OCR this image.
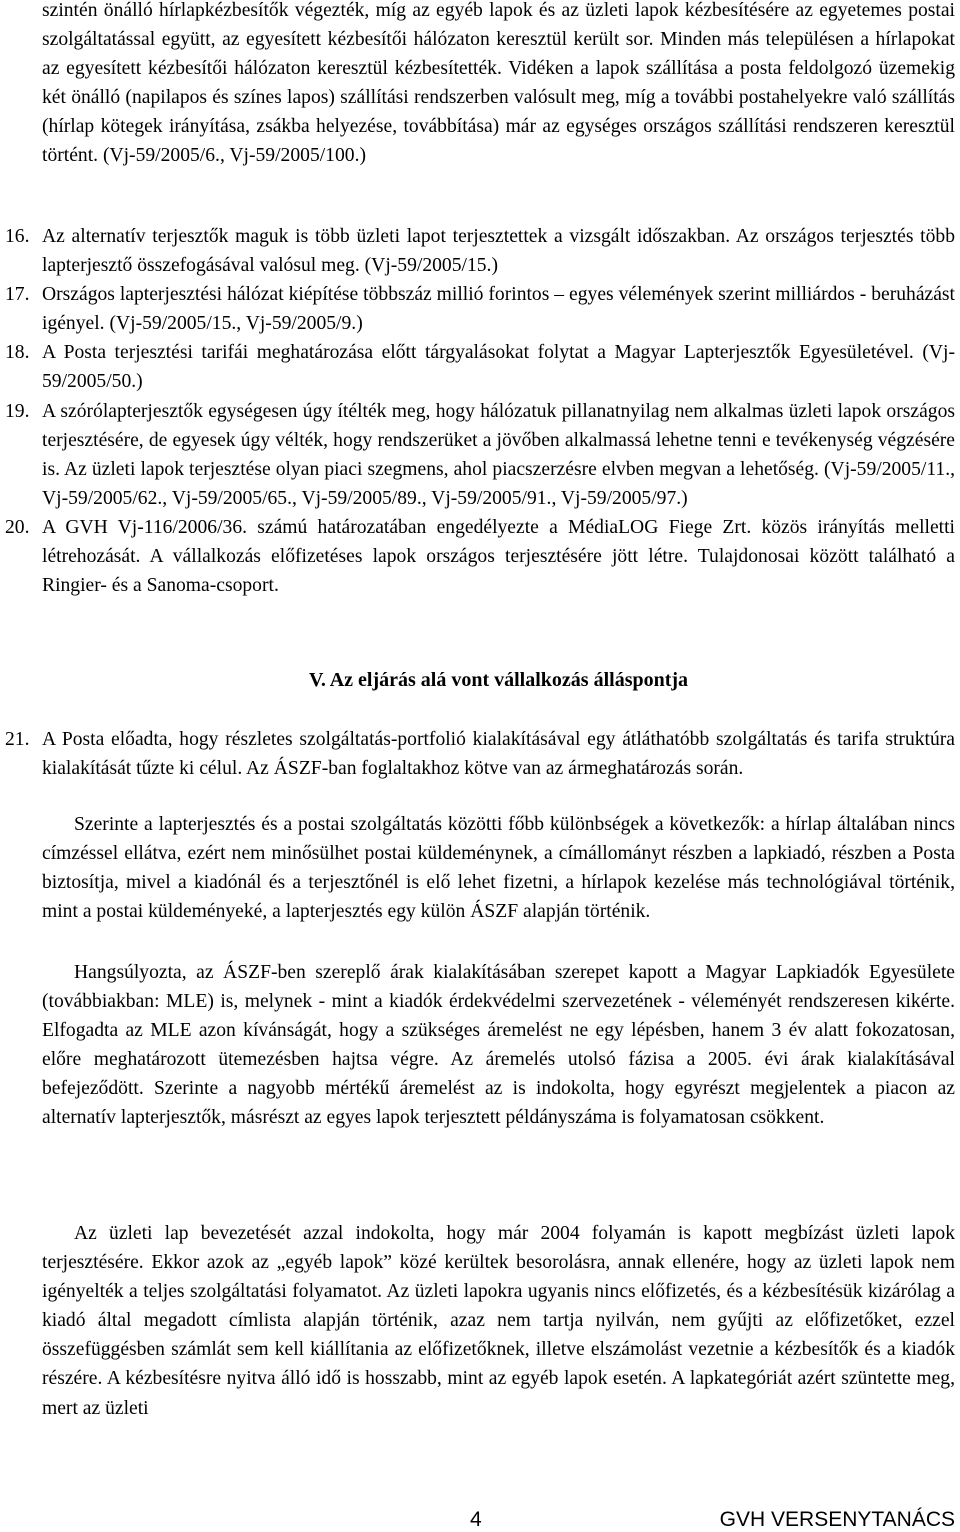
szintén önálló hírlapkézbesítők végezték, míg az egyéb lapok és az üzleti lapok kézbesítésére az egyetemes postai szolgáltatással együtt, az egyesített kézbesítői hálózaton keresztül került sor. Minden más településen a hírlapokat az egyesített kézbesítői hálózaton keresztül kézbesítették. Vidéken a lapok szállítása a posta feldolgozó üzemekig két önálló (napilapos és színes lapos) szállítási rendszerben valósult meg, míg a további postahelyekre való szállítás (hírlap kötegek irányítása, zsákba helyezése, továbbítása) már az egységes országos szállítási rendszeren keresztül történt. (Vj-59/2005/6., Vj-59/2005/100.)

16. Az alternatív terjesztők maguk is több üzleti lapot terjesztettek a vizsgált időszakban. Az országos terjesztés több lapterjesztő összefogásával valósul meg. (Vj-59/2005/15.)
17. Országos lapterjesztési hálózat kiépítése többszáz millió forintos – egyes vélemények szerint milliárdos - beruházást igényel. (Vj-59/2005/15., Vj-59/2005/9.)
18. A Posta terjesztési tarifái meghatározása előtt tárgyalásokat folytat a Magyar Lapterjesztők Egyesületével. (Vj-59/2005/50.)
19. A szórólapterjesztők egységesen úgy ítélték meg, hogy hálózatuk pillanatnyilag nem alkalmas üzleti lapok országos terjesztésére, de egyesek úgy vélték, hogy rendszerüket a jövőben alkalmassá lehetne tenni e tevékenység végzésére is. Az üzleti lapok terjesztése olyan piaci szegmens, ahol piacszerzésre elvben megvan a lehetőség. (Vj-59/2005/11., Vj-59/2005/62., Vj-59/2005/65., Vj-59/2005/89., Vj-59/2005/91., Vj-59/2005/97.)
20. A GVH Vj-116/2006/36. számú határozatában engedélyezte a MédiaLOG Fiege Zrt. közös irányítás melletti létrehozását. A vállalkozás előfizetéses lapok országos terjesztésére jött létre. Tulajdonosai között található a Ringier- és a Sanoma-csoport.
V. Az eljárás alá vont vállalkozás álláspontja
21. A Posta előadta, hogy részletes szolgáltatás-portfolió kialakításával egy átláthatóbb szolgáltatás és tarifa struktúra kialakítását tűzte ki célul. Az ÁSZF-ban foglaltakhoz kötve van az ármeghatározás során.

Szerinte a lapterjesztés és a postai szolgáltatás közötti főbb különbségek a következők: a hírlap általában nincs címzéssel ellátva, ezért nem minősülhet postai küldeménynek, a címállományt részben a lapkiadó, részben a Posta biztosítja, mivel a kiadónál és a terjesztőnél is elő lehet fizetni, a hírlapok kezelése más technológiával történik, mint a postai küldeményeké, a lapterjesztés egy külön ÁSZF alapján történik.

Hangsúlyozta, az ÁSZF-ben szereplő árak kialakításában szerepet kapott a Magyar Lapkiadók Egyesülete (továbbiakban: MLE) is, melynek - mint a kiadók érdekvédelmi szervezetének - véleményét rendszeresen kikérte. Elfogadta az MLE azon kívánságát, hogy a szükséges áremelést ne egy lépésben, hanem 3 év alatt fokozatosan, előre meghatározott ütemezésben hajtsa végre. Az áremelés utolsó fázisa a 2005. évi árak kialakításával befejeződött. Szerinte a nagyobb mértékű áremelést az is indokolta, hogy egyrészt megjelentek a piacon az alternatív lapterjesztők, másrészt az egyes lapok terjesztett példányszáma is folyamatosan csökkent.

Az üzleti lap bevezetését azzal indokolta, hogy már 2004 folyamán is kapott megbízást üzleti lapok terjesztésére. Ekkor azok az „egyéb lapok” közé kerültek besorolásra, annak ellenére, hogy az üzleti lapok nem igényelték a teljes szolgáltatási folyamatot. Az üzleti lapokra ugyanis nincs előfizetés, és a kézbesítésük kizárólag a kiadó által megadott címlista alapján történik, azaz nem tartja nyilván, nem gyűjti az előfizetőket, ezzel összefüggésben számlát sem kell kiállítania az előfizetőknek, illetve elszámolást vezetnie a kézbesítők és a kiadók részére. A kézbesítésre nyitva álló idő is hosszabb, mint az egyéb lapok esetén. A lapkategóriát azért szüntette meg, mert az üzleti

4	GVH VERSENYTANÁCS
